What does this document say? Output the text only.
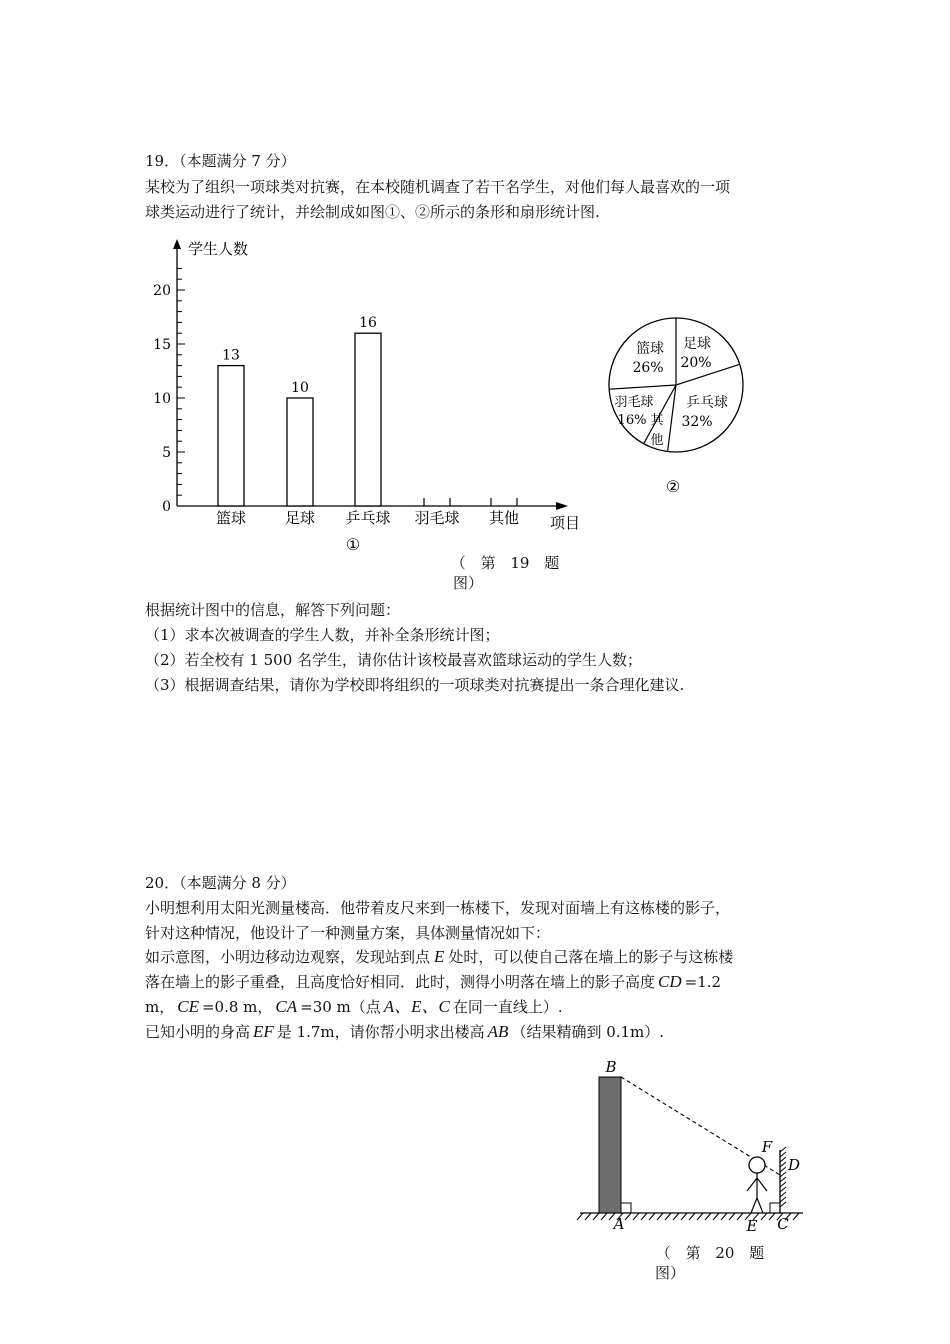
19．（本题满分 7 分）
某校为了组织一项球类对抗赛，在本校随机调查了若干名学生，对他们每人最喜欢的一项
球类运动进行了统计，并绘制成如图①、②所示的条形和扇形统计图.
0
5
10
15
20
13
篮球
10
足球
16
乒乓球 羽毛球 其他
学生人数
项目
①
篮球
26%
足球
20%
乒乓球
32%
羽毛球
16% 其
他
②
（ 第 19 题
图）
根据统计图中的信息，解答下列问题：
（1）求本次被调查的学生人数，并补全条形统计图；
（2）若全校有 1 500 名学生，请你估计该校最喜欢篮球运动的学生人数；
（3）根据调查结果，请你为学校即将组织的一项球类对抗赛提出一条合理化建议.
20．（本题满分 8 分）
小明想利用太阳光测量楼高．他带着皮尺来到一栋楼下，发现对面墙上有这栋楼的影子，
针对这种情况，他设计了一种测量方案，具体测量情况如下：
如示意图，小明边移动边观察，发现站到点 E 处时，可以使自己落在墙上的影子与这栋楼
落在墙上的影子重叠，且高度恰好相同．此时，测得小明落在墙上的影子高度 CD =1.2
m， CE =0.8 m， CA =30 m（点 A、E、C 在同一直线上）.
已知小明的身高 EF 是 1.7m，请你帮小明求出楼高 AB （结果精确到 0.1m）.
B
A
F
D
E C
（ 第 20 题
图）
